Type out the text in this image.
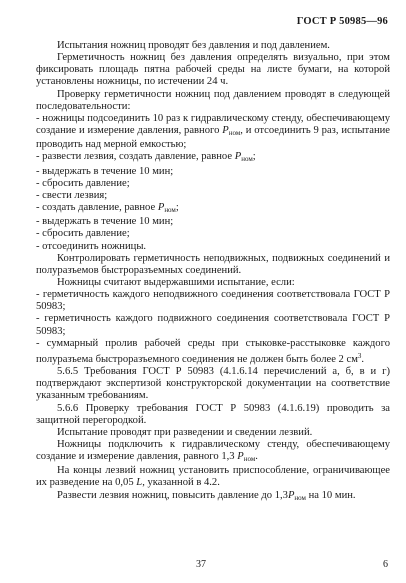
ГОСТ Р 50985—96

Испытания ножниц проводят без давления и под давлением.

Герметичность ножниц без давления определять визуально, при этом фиксировать площадь пятна рабочей среды на листе бумаги, на которой установлены ножницы, по истечении 24 ч.

Проверку герметичности ножниц под давлением проводят в следующей последовательности:

- ножницы подсоединить 10 раз к гидравлическому стенду, обеспечивающему создание и измерение давления, равного $P_{ном}$, и отсоединить 9 раз, испытание проводить над мерной емкостью;

- развести лезвия, создать давление, равное $P_{ном}$;

- выдержать в течение 10 мин;

- сбросить давление;

- свести лезвия;

- создать давление, равное $P_{ном}$;

- выдержать в течение 10 мин;

- сбросить давление;

- отсоединить ножницы.

Контролировать герметичность неподвижных, подвижных соединений и полуразъемов быстроразъемных соединений.

Ножницы считают выдержавшими испытание, если:

- герметичность каждого неподвижного соединения соответствовала ГОСТ Р 50983;

- герметичность каждого подвижного соединения соответствовала ГОСТ Р 50983;

- суммарный пролив рабочей среды при стыковке-расстыковке каждого полуразъема быстроразъемного соединения не должен быть более 2 $см^3$.

5.6.5 Требования ГОСТ Р 50983 (4.1.6.14 перечислений а, б, в и г) подтверждают экспертизой конструкторской документации на соответствие указанным требованиям.

5.6.6 Проверку требования ГОСТ Р 50983 (4.1.6.19) проводить за защитной перегородкой.

Испытание проводят при разведении и сведении лезвий.

Ножницы подключить к гидравлическому стенду, обеспечивающему создание и измерение давления, равного 1,3 $P_{ном}$.

На концы лезвий ножниц установить приспособление, ограничивающее их разведение на 0,05 L, указанной в 4.2.

Развести лезвия ножниц, повысить давление до $1,3P_{ном}$ на 10 мин.

37	6
